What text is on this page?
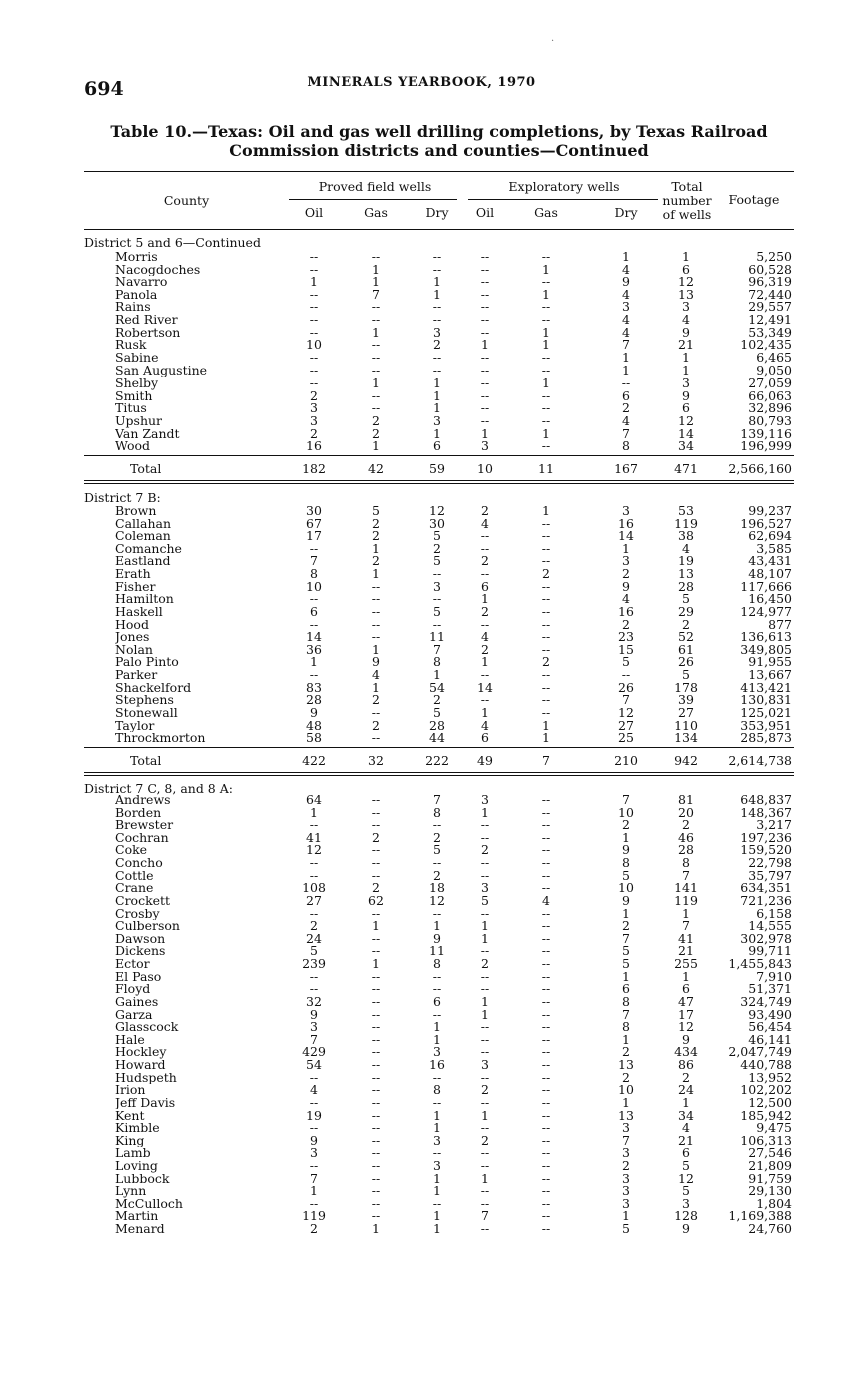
·
694	MINERALS YEARBOOK, 1970
Table 10.—Texas: Oil and gas well drilling completions, by Texas Railroad
Commission districts and counties—Continued
County
Proved field wells	Exploratory wells	Total
number
of wells
Footage
Oil	Gas	Dry	Oil	Gas	Dry
District 5 and 6—Continued
Morris	--	--	--	--	--	1	1	5,250
Nacogdoches	--	1	--	--	1	4	6	60,528
Navarro	1	1	1	--	--	9	12	96,319
Panola	--	7	1	--	1	4	13	72,440
Rains	--	--	--	--	--	3	3	29,557
Red River	--	--	--	--	--	4	4	12,491
Robertson	--	1	3	--	1	4	9	53,349
Rusk	10	--	2	1	1	7	21	102,435
Sabine	--	--	--	--	--	1	1	6,465
San Augustine	--	--	--	--	--	1	1	9,050
Shelby	--	1	1	--	1	--	3	27,059
Smith	2	--	1	--	--	6	9	66,063
Titus	3	--	1	--	--	2	6	32,896
Upshur	3	2	3	--	--	4	12	80,793
Van Zandt	2	2	1	1	1	7	14	139,116
Wood	16	1	6	3	--	8	34	196,999
Total	182	42	59	10	11	167	471	2,566,160
District 7 B:
Brown	30	5	12	2	1	3	53	99,237
Callahan	67	2	30	4	--	16	119	196,527
Coleman	17	2	5	--	--	14	38	62,694
Comanche	--	1	2	--	--	1	4	3,585
Eastland	7	2	5	2	--	3	19	43,431
Erath	8	1	--	--	2	2	13	48,107
Fisher	10	--	3	6	--	9	28	117,666
Hamilton	--	--	--	1	--	4	5	16,450
Haskell	6	--	5	2	--	16	29	124,977
Hood	--	--	--	--	--	2	2	877
Jones	14	--	11	4	--	23	52	136,613
Nolan	36	1	7	2	--	15	61	349,805
Palo Pinto	1	9	8	1	2	5	26	91,955
Parker	--	4	1	--	--	--	5	13,667
Shackelford	83	1	54	14	--	26	178	413,421
Stephens	28	2	2	--	--	7	39	130,831
Stonewall	9	--	5	1	--	12	27	125,021
Taylor	48	2	28	4	1	27	110	353,951
Throckmorton	58	--	44	6	1	25	134	285,873
Total	422	32	222	49	7	210	942	2,614,738
District 7 C, 8, and 8 A:
Andrews	64	--	7	3	--	7	81	648,837
Borden	1	--	8	1	--	10	20	148,367
Brewster	--	--	--	--	--	2	2	3,217
Cochran	41	2	2	--	--	1	46	197,236
Coke	12	--	5	2	--	9	28	159,520
Concho	--	--	--	--	--	8	8	22,798
Cottle	--	--	2	--	--	5	7	35,797
Crane	108	2	18	3	--	10	141	634,351
Crockett	27	62	12	5	4	9	119	721,236
Crosby	--	--	--	--	--	1	1	6,158
Culberson	2	1	1	1	--	2	7	14,555
Dawson	24	--	9	1	--	7	41	302,978
Dickens	5	--	11	--	--	5	21	99,711
Ector	239	1	8	2	--	5	255	1,455,843
El Paso	--	--	--	--	--	1	1	7,910
Floyd	--	--	--	--	--	6	6	51,371
Gaines	32	--	6	1	--	8	47	324,749
Garza	9	--	--	1	--	7	17	93,490
Glasscock	3	--	1	--	--	8	12	56,454
Hale	7	--	1	--	--	1	9	46,141
Hockley	429	--	3	--	--	2	434	2,047,749
Howard	54	--	16	3	--	13	86	440,788
Hudspeth	--	--	--	--	--	2	2	13,952
Irion	4	--	8	2	--	10	24	102,202
Jeff Davis	--	--	--	--	--	1	1	12,500
Kent	19	--	1	1	--	13	34	185,942
Kimble	--	--	1	--	--	3	4	9,475
King	9	--	3	2	--	7	21	106,313
Lamb	3	--	--	--	--	3	6	27,546
Loving	--	--	3	--	--	2	5	21,809
Lubbock	7	--	1	1	--	3	12	91,759
Lynn	1	--	1	--	--	3	5	29,130
McCulloch	--	--	--	--	--	3	3	1,804
Martin	119	--	1	7	--	1	128	1,169,388
Menard	2	1	1	--	--	5	9	24,760
